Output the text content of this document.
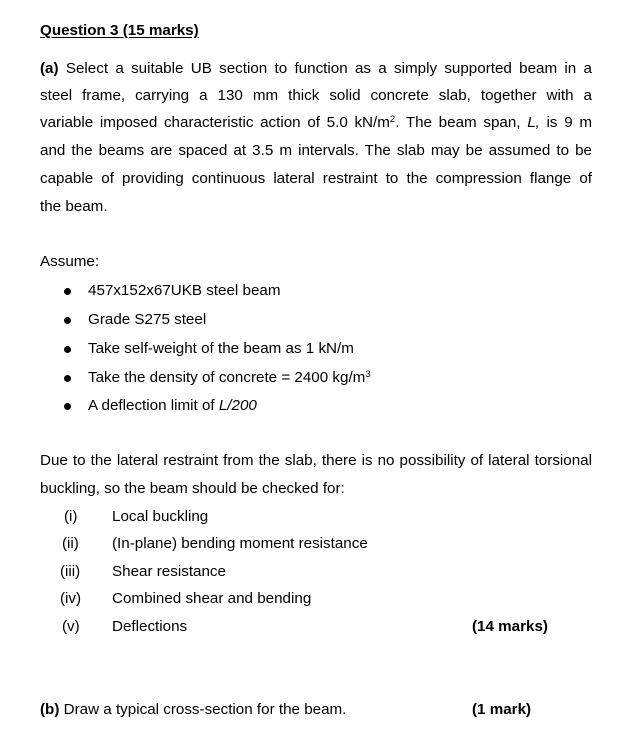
Question 3 (15 marks)
(a) Select a suitable UB section to function as a simply supported beam in a
steel frame, carrying a 130 mm thick solid concrete slab, together with a
variable imposed characteristic action of 5.0 $kN/m^2$. The beam span, L, is 9 m
and the beams are spaced at 3.5 m intervals. The slab may be assumed to be
capable of providing continuous lateral restraint to the compression flange of
the beam.
Assume:
457x152x67UKB steel beam
Grade S275 steel
Take self-weight of the beam as 1 kN/m
Take the density of concrete = 2400 $kg/m^3$
A deflection limit of L/200
Due to the lateral restraint from the slab, there is no possibility of lateral torsional
buckling, so the beam should be checked for:
(i) Local buckling
(ii) (In-plane) bending moment resistance
(iii) Shear resistance
(iv) Combined shear and bending
(v) Deflections	(14 marks)
(b) Draw a typical cross-section for the beam.	(1 mark)
